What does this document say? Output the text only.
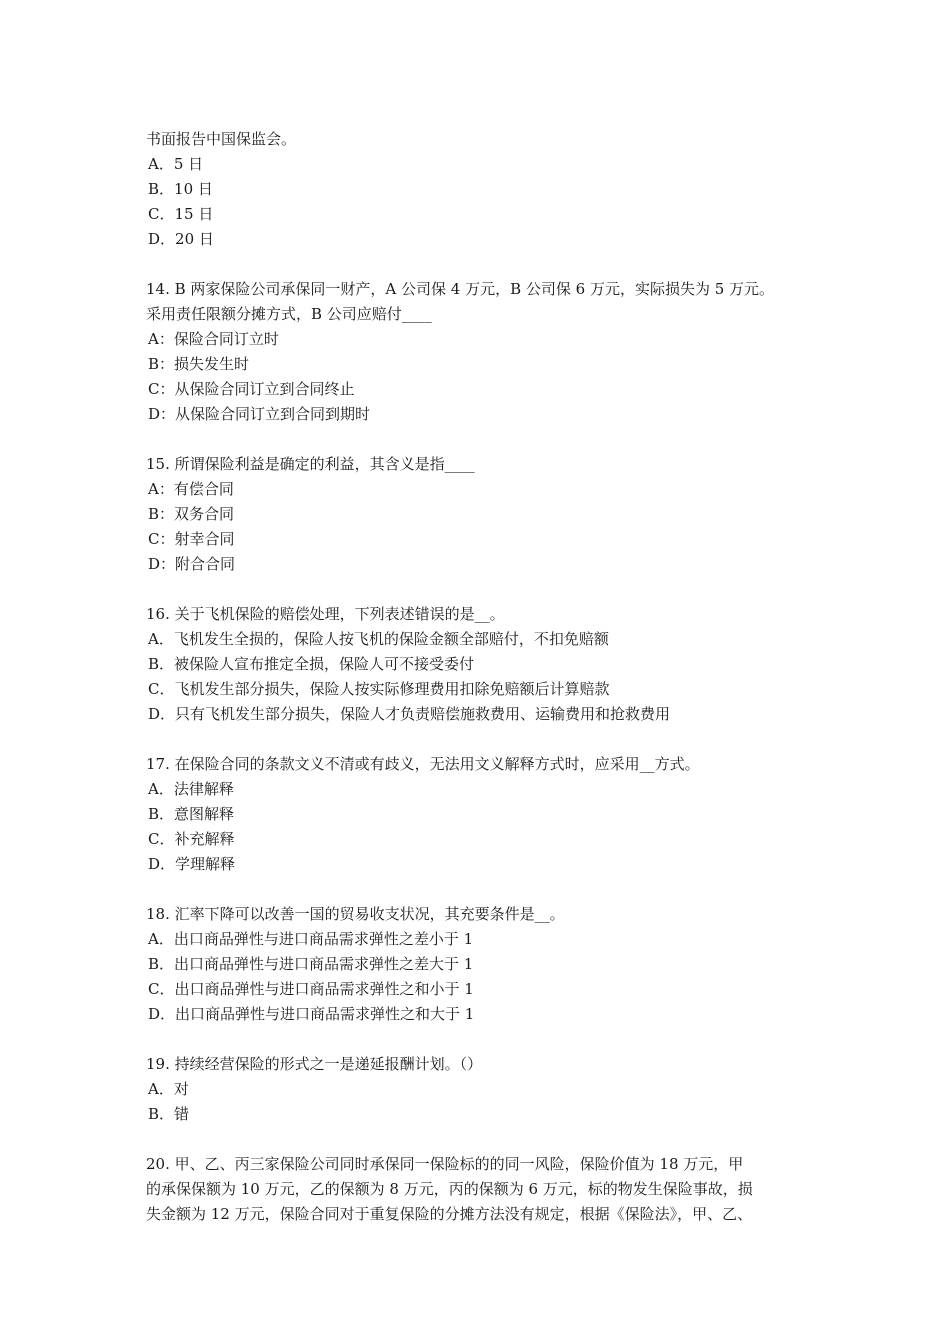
书面报告中国保监会。
A．5 日
B．10 日
C．15 日
D．20 日
14. B 两家保险公司承保同一财产，A 公司保 4 万元，B 公司保 6 万元，实际损失为 5 万元。
采用责任限额分摊方式，B 公司应赔付____
A：保险合同订立时
B：损失发生时
C：从保险合同订立到合同终止
D：从保险合同订立到合同到期时
15. 所谓保险利益是确定的利益，其含义是指____
A：有偿合同
B：双务合同
C：射幸合同
D：附合合同
16. 关于飞机保险的赔偿处理，下列表述错误的是__。
A．飞机发生全损的，保险人按飞机的保险金额全部赔付，不扣免赔额
B．被保险人宣布推定全损，保险人可不接受委付
C．飞机发生部分损失，保险人按实际修理费用扣除免赔额后计算赔款
D．只有飞机发生部分损失，保险人才负责赔偿施救费用、运输费用和抢救费用
17. 在保险合同的条款文义不清或有歧义，无法用文义解释方式时，应采用__方式。
A．法律解释
B．意图解释
C．补充解释
D．学理解释
18. 汇率下降可以改善一国的贸易收支状况，其充要条件是__。
A．出口商品弹性与进口商品需求弹性之差小于 1
B．出口商品弹性与进口商品需求弹性之差大于 1
C．出口商品弹性与进口商品需求弹性之和小于 1
D．出口商品弹性与进口商品需求弹性之和大于 1
19. 持续经营保险的形式之一是递延报酬计划。（）
A．对
B．错
20. 甲、乙、丙三家保险公司同时承保同一保险标的的同一风险，保险价值为 18 万元，甲
的承保保额为 10 万元，乙的保额为 8 万元，丙的保额为 6 万元，标的物发生保险事故，损
失金额为 12 万元，保险合同对于重复保险的分摊方法没有规定，根据《保险法》，甲、乙、
